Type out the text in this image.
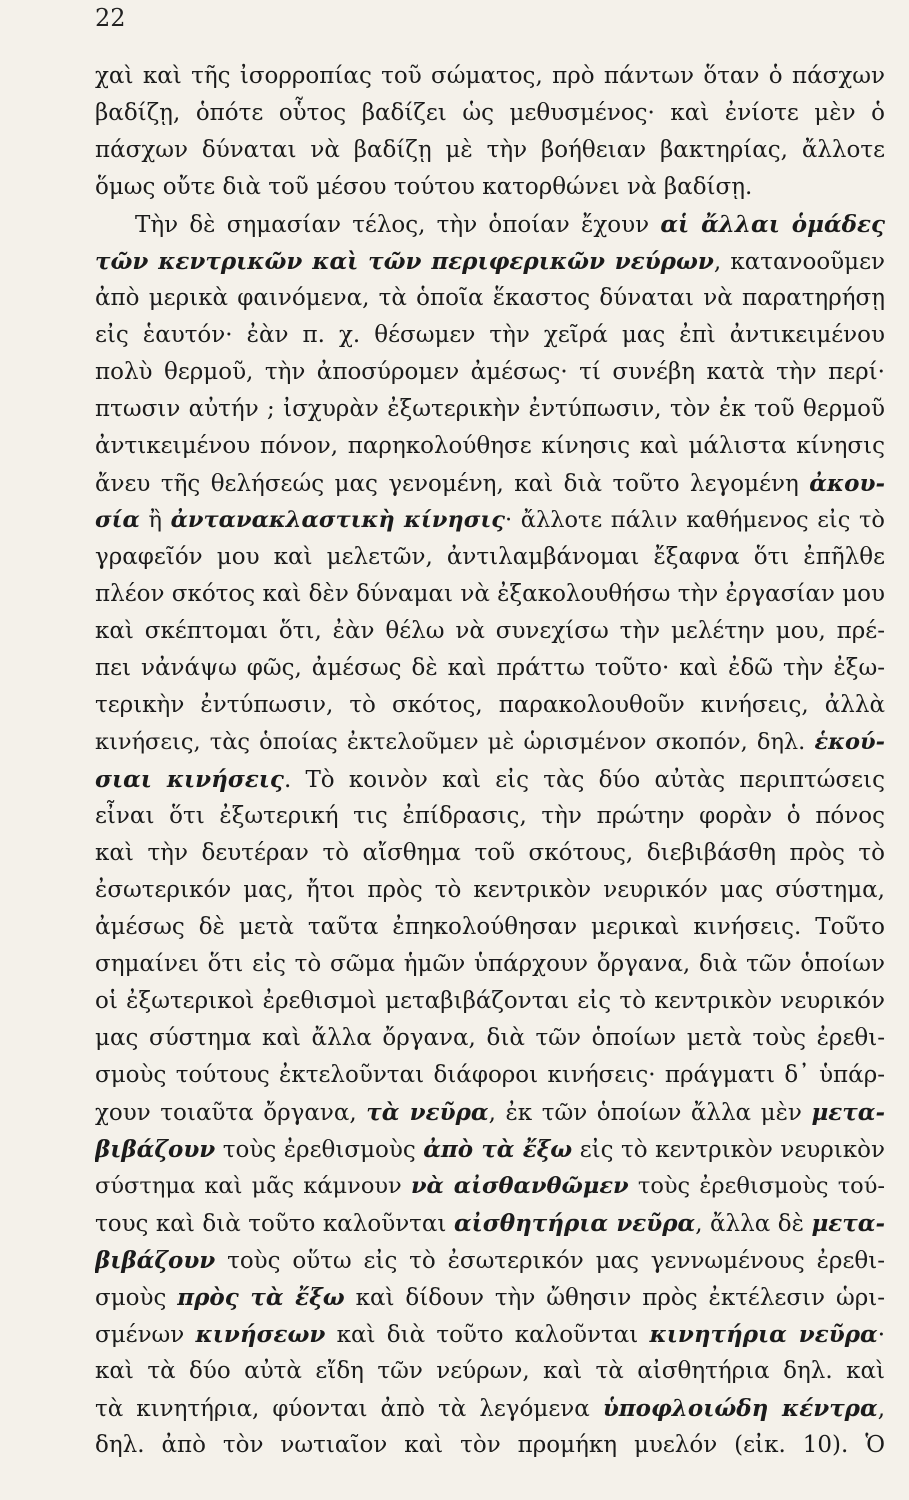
22
χαὶ καὶ τῆς ἰσορροπίας τοῦ σώματος, πρὸ πάντων ὅταν ὁ πάσχων
βαδίζῃ, ὁπότε οὗτος βαδίζει ὡς μεθυσμένος· καὶ ἐνίοτε μὲν ὁ
πάσχων δύναται νὰ βαδίζῃ μὲ τὴν βοήθειαν βακτηρίας, ἄλλοτε
ὅμως οὔτε διὰ τοῦ μέσου τούτου κατορθώνει νὰ βαδίσῃ.
Τὴν δὲ σημασίαν τέλος, τὴν ὁποίαν ἔχουν αἱ ἄλλαι ὁμάδες
τῶν κεντρικῶν καὶ τῶν περιφερικῶν νεύρων, κατανοοῦμεν
ἀπὸ μερικὰ φαινόμενα, τὰ ὁποῖα ἕκαστος δύναται νὰ παρατηρήσῃ
εἰς ἑαυτόν· ἐὰν π. χ. θέσωμεν τὴν χεῖρά μας ἐπὶ ἀντικειμένου
πολὺ θερμοῦ, τὴν ἀποσύρομεν ἀμέσως· τί συνέβη κατὰ τὴν περί·
πτωσιν αὐτήν ; ἰσχυρὰν ἐξωτερικὴν ἐντύπωσιν, τὸν ἐκ τοῦ θερμοῦ
ἀντικειμένου πόνον, παρηκολούθησε κίνησις καὶ μάλιστα κίνησις
ἄνευ τῆς θελήσεώς μας γενομένη, καὶ διὰ τοῦτο λεγομένη ἀκου-
σία ἢ ἀντανακλαστικὴ κίνησις· ἄλλοτε πάλιν καθήμενος εἰς τὸ
γραφεῖόν μου καὶ μελετῶν, ἀντιλαμβάνομαι ἔξαφνα ὅτι ἐπῆλθε
πλέον σκότος καὶ δὲν δύναμαι νὰ ἐξακολουθήσω τὴν ἐργασίαν μου
καὶ σκέπτομαι ὅτι, ἐὰν θέλω νὰ συνεχίσω τὴν μελέτην μου, πρέ-
πει νἀνάψω φῶς, ἀμέσως δὲ καὶ πράττω τοῦτο· καὶ ἐδῶ τὴν ἐξω-
τερικὴν ἐντύπωσιν, τὸ σκότος, παρακολουθοῦν κινήσεις, ἀλλὰ
κινήσεις, τὰς ὁποίας ἐκτελοῦμεν μὲ ὡρισμένον σκοπόν, δηλ. ἑκού-
σιαι κινήσεις. Τὸ κοινὸν καὶ εἰς τὰς δύο αὐτὰς περιπτώσεις
εἶναι ὅτι ἐξωτερική τις ἐπίδρασις, τὴν πρώτην φορὰν ὁ πόνος
καὶ τὴν δευτέραν τὸ αἴσθημα τοῦ σκότους, διεβιβάσθη πρὸς τὸ
ἐσωτερικόν μας, ἤτοι πρὸς τὸ κεντρικὸν νευρικόν μας σύστημα,
ἀμέσως δὲ μετὰ ταῦτα ἐπηκολούθησαν μερικαὶ κινήσεις. Τοῦτο
σημαίνει ὅτι εἰς τὸ σῶμα ἡμῶν ὑπάρχουν ὄργανα, διὰ τῶν ὁποίων
οἱ ἐξωτερικοὶ ἐρεθισμοὶ μεταβιβάζονται εἰς τὸ κεντρικὸν νευρικόν
μας σύστημα καὶ ἄλλα ὄργανα, διὰ τῶν ὁποίων μετὰ τοὺς ἐρεθι-
σμοὺς τούτους ἐκτελοῦνται διάφοροι κινήσεις· πράγματι δ᾽ ὑπάρ-
χουν τοιαῦτα ὄργανα, τὰ νεῦρα, ἐκ τῶν ὁποίων ἄλλα μὲν μετα-
βιβάζουν τοὺς ἐρεθισμοὺς ἀπὸ τὰ ἔξω εἰς τὸ κεντρικὸν νευρικὸν
σύστημα καὶ μᾶς κάμνουν νὰ αἰσθανθῶμεν τοὺς ἐρεθισμοὺς τού-
τους καὶ διὰ τοῦτο καλοῦνται αἰσθητήρια νεῦρα, ἄλλα δὲ μετα-
βιβάζουν τοὺς οὕτω εἰς τὸ ἐσωτερικόν μας γεννωμένους ἐρεθι-
σμοὺς πρὸς τὰ ἔξω καὶ δίδουν τὴν ὤθησιν πρὸς ἐκτέλεσιν ὡρι-
σμένων κινήσεων καὶ διὰ τοῦτο καλοῦνται κινητήρια νεῦρα·
καὶ τὰ δύο αὐτὰ εἴδη τῶν νεύρων, καὶ τὰ αἰσθητήρια δηλ. καὶ
τὰ κινητήρια, φύονται ἀπὸ τὰ λεγόμενα ὑποφλοιώδη κέντρα,
δηλ. ἀπὸ τὸν νωτιαῖον καὶ τὸν προμήκη μυελόν (εἰκ. 10). Ὁ
